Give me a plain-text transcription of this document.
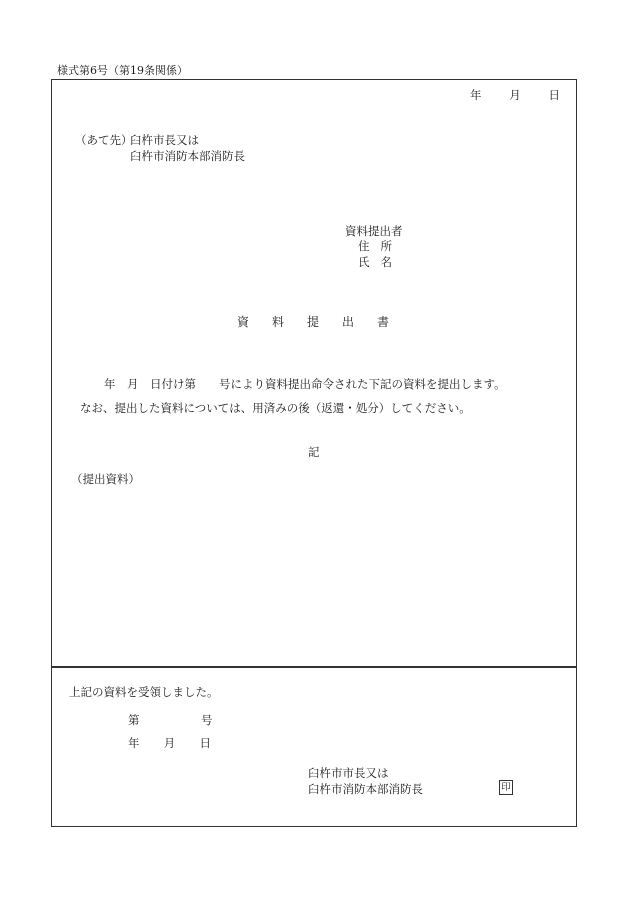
様式第6号（第19条関係）
年 月 日
（あて先）
臼杵市長又は
臼杵市消防本部消防長
資料提出者
住所
氏名
資	料	提	出	書
年　月　日付け第　　号により資料提出命令された下記の資料を提出します。
なお、提出した資料については、用済みの後（返還・処分）してください。
記
（提出資料）
上記の資料を受領しました。
第	号
年 月 日
臼杵市市長又は
臼杵市消防本部消防長	印
